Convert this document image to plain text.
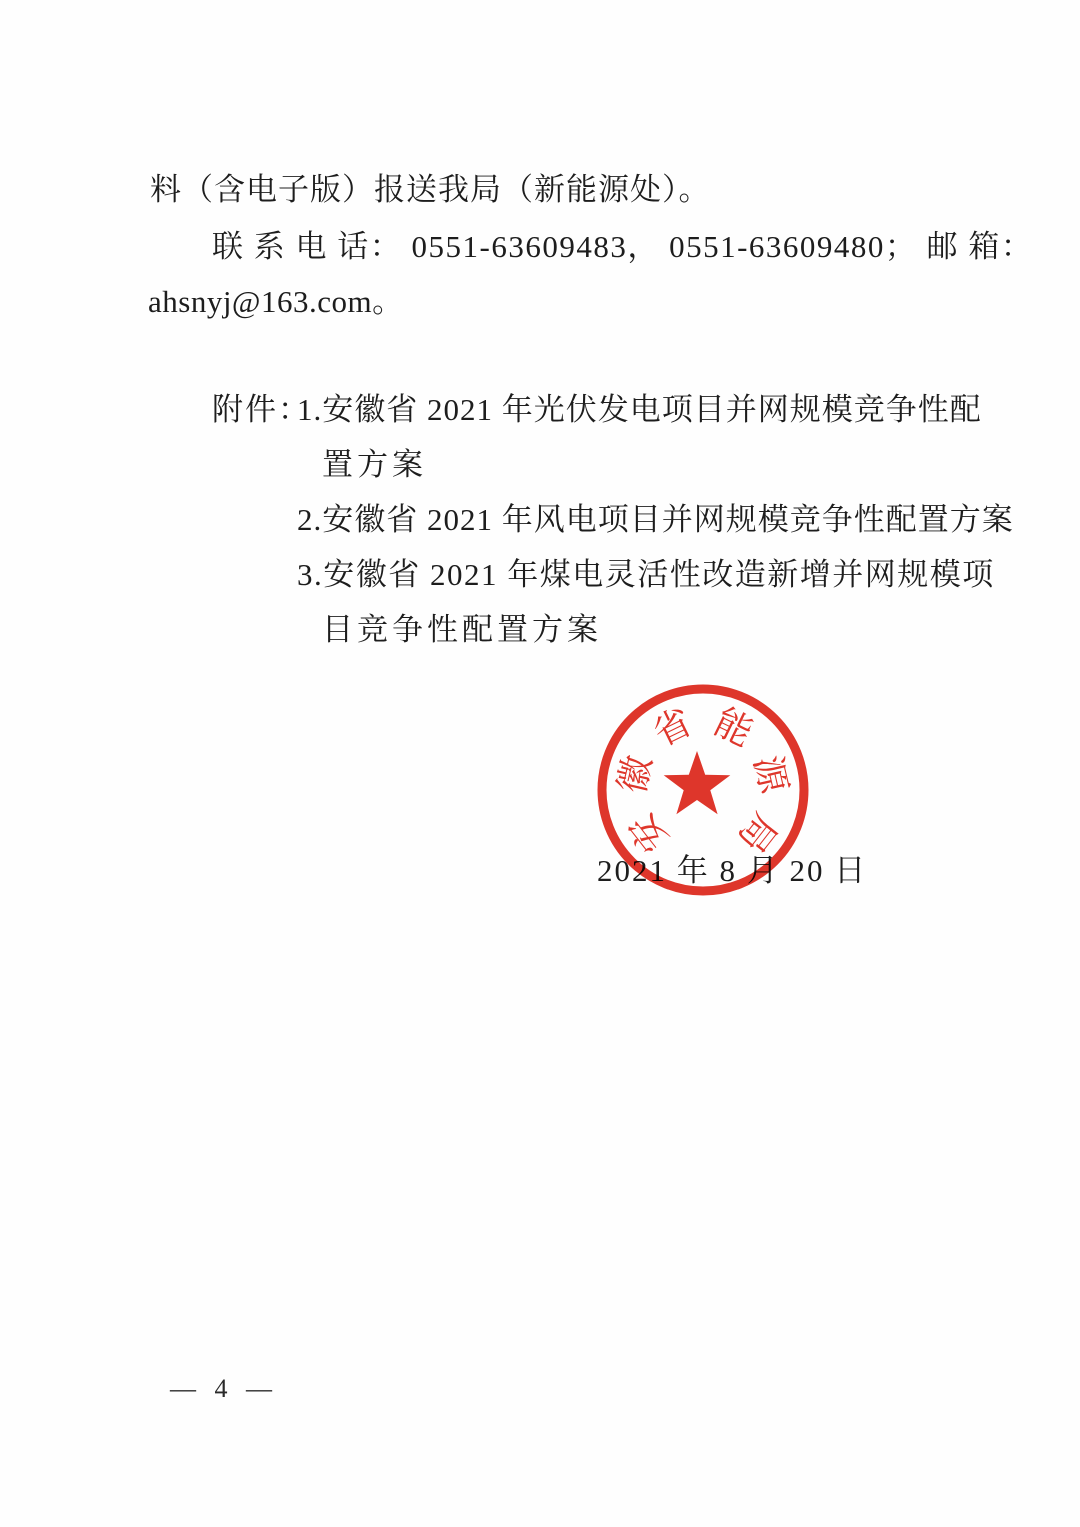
料（含电子版）报送我局（新能源处）。
联 系 电 话： 0551-63609483， 0551-63609480； 邮 箱：
ahsnyj@163.com。
附件：
1.安徽省 2021 年光伏发电项目并网规模竞争性配
置方案
2.安徽省 2021 年风电项目并网规模竞争性配置方案
3.安徽省 2021 年煤电灵活性改造新增并网规模项
目竞争性配置方案
2021 年 8 月 20 日
安
徽
省 能
源
局
— 4 —
